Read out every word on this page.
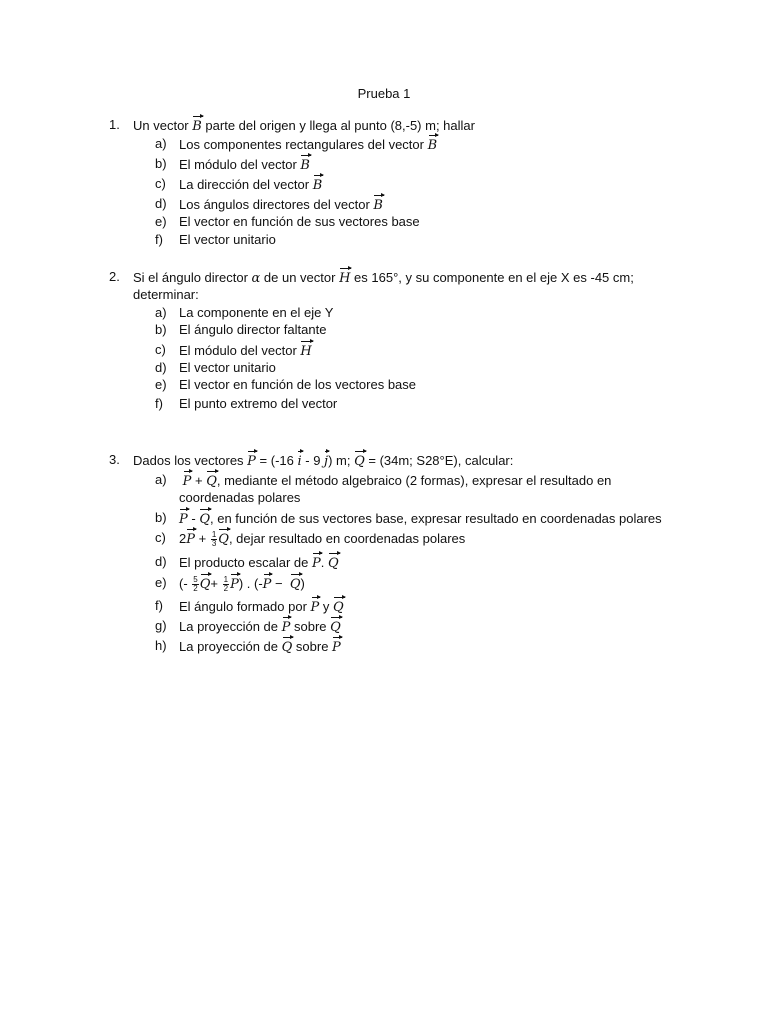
Prueba 1
1.	Un vector B parte del origen y llega al punto (8,-5) m; hallar
a) Los componentes rectangulares del vector B
b) El módulo del vector B
c) La dirección del vector B
d) Los ángulos directores del vector B
e) El vector en función de sus vectores base
f) El vector unitario
2.	Si el ángulo director α de un vector H es 165°, y su componente en el eje X es -45 cm;
determinar:
a) La componente en el eje Y
b) El ángulo director faltante
c) El módulo del vector H
d) El vector unitario
e) El vector en función de los vectores base
f) El punto extremo del vector
3.	Dados los vectores P = (-16 i - 9 j) m; Q = (34m; S28°E), calcular:
a) P + Q, mediante el método algebraico (2 formas), expresar el resultado en
coordenadas polares
b) P - Q, en función de sus vectores base, expresar resultado en coordenadas polares
c) $2P + \frac{1}{3} Q$, dejar resultado en coordenadas polares
d) El producto escalar de P. Q
e) (- $\frac{5}{2} Q+ \frac{1}{2} P$) . (-P −  Q)
f) El ángulo formado por P y Q
g) La proyección de P sobre Q
h) La proyección de Q sobre P
